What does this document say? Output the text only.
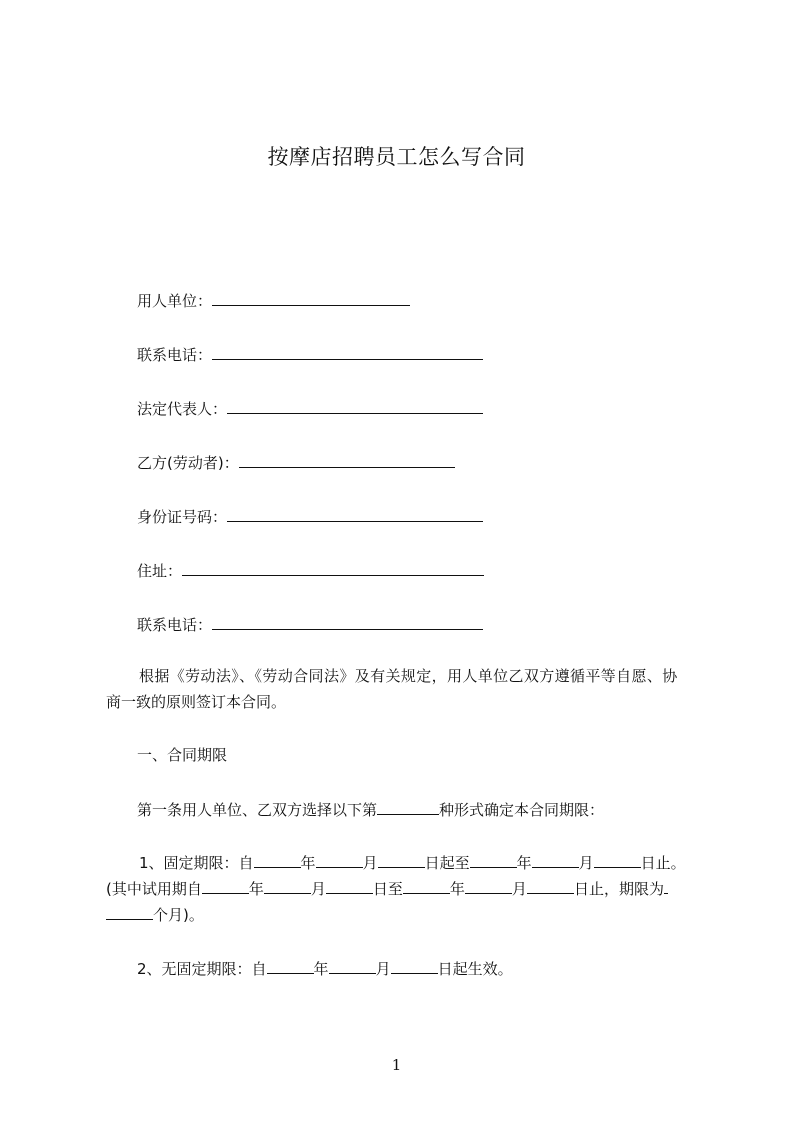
按摩店招聘员工怎么写合同
用人单位：
联系电话：
法定代表人：
乙方(劳动者)：
身份证号码：
住址：
联系电话：
根据《劳动法》、《劳动合同法》及有关规定，用人单位乙双方遵循平等自愿、协
商一致的原则签订本合同。
一、合同期限
第一条用人单位、乙双方选择以下第	种形式确定本合同期限：
1、固定期限：自	年	月	日起至	年	月	日止。
(其中试用期自	年	月	日至	年	月	日止，期限为
个月)。
2、无固定期限：自	年	月	日起生效。
1
